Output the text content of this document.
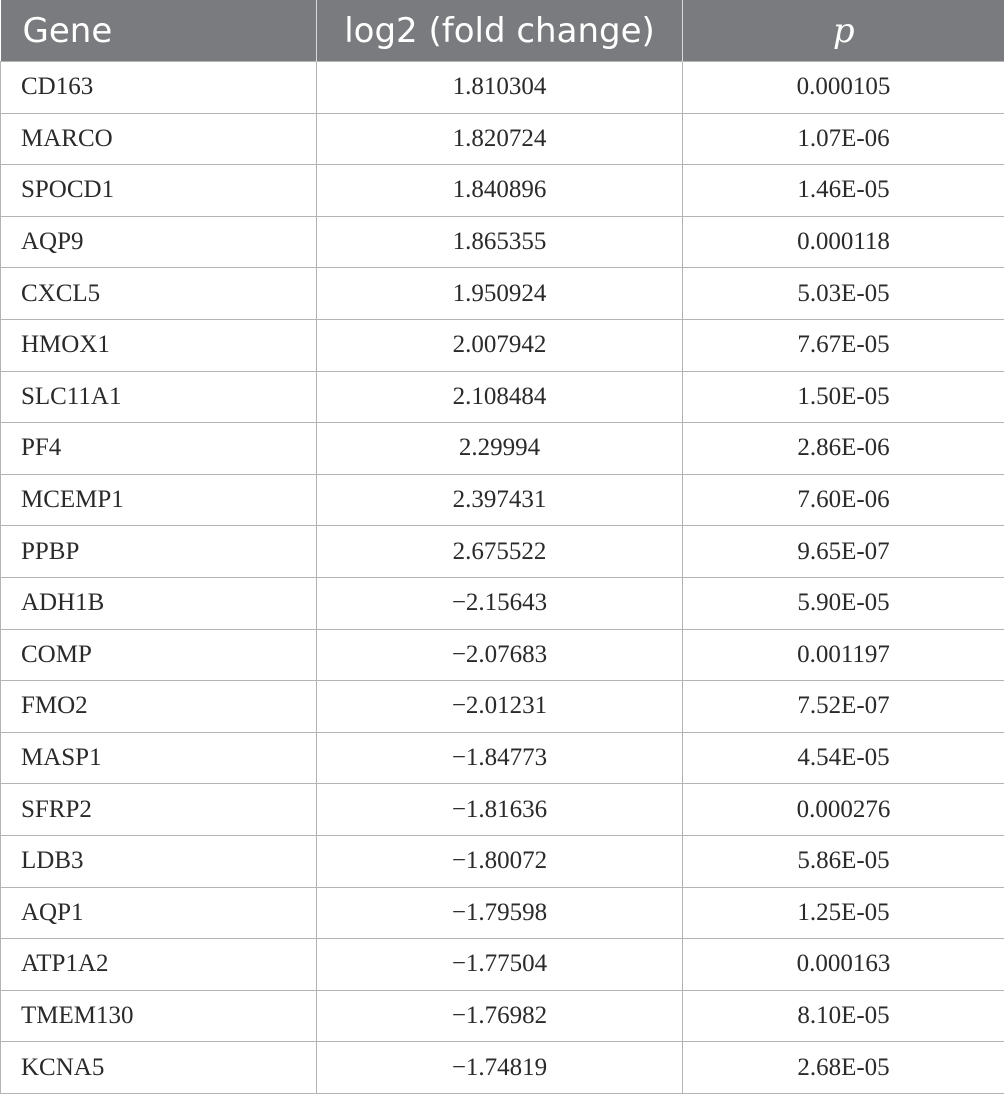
Gene	log2 (fold change)	p
CD163	1.810304	0.000105
MARCO	1.820724	1.07E-06
SPOCD1	1.840896	1.46E-05
AQP9	1.865355	0.000118
CXCL5	1.950924	5.03E-05
HMOX1	2.007942	7.67E-05
SLC11A1	2.108484	1.50E-05
PF4	2.29994	2.86E-06
MCEMP1	2.397431	7.60E-06
PPBP	2.675522	9.65E-07
ADH1B	−2.15643	5.90E-05
COMP	−2.07683	0.001197
FMO2	−2.01231	7.52E-07
MASP1	−1.84773	4.54E-05
SFRP2	−1.81636	0.000276
LDB3	−1.80072	5.86E-05
AQP1	−1.79598	1.25E-05
ATP1A2	−1.77504	0.000163
TMEM130	−1.76982	8.10E-05
KCNA5	−1.74819	2.68E-05
